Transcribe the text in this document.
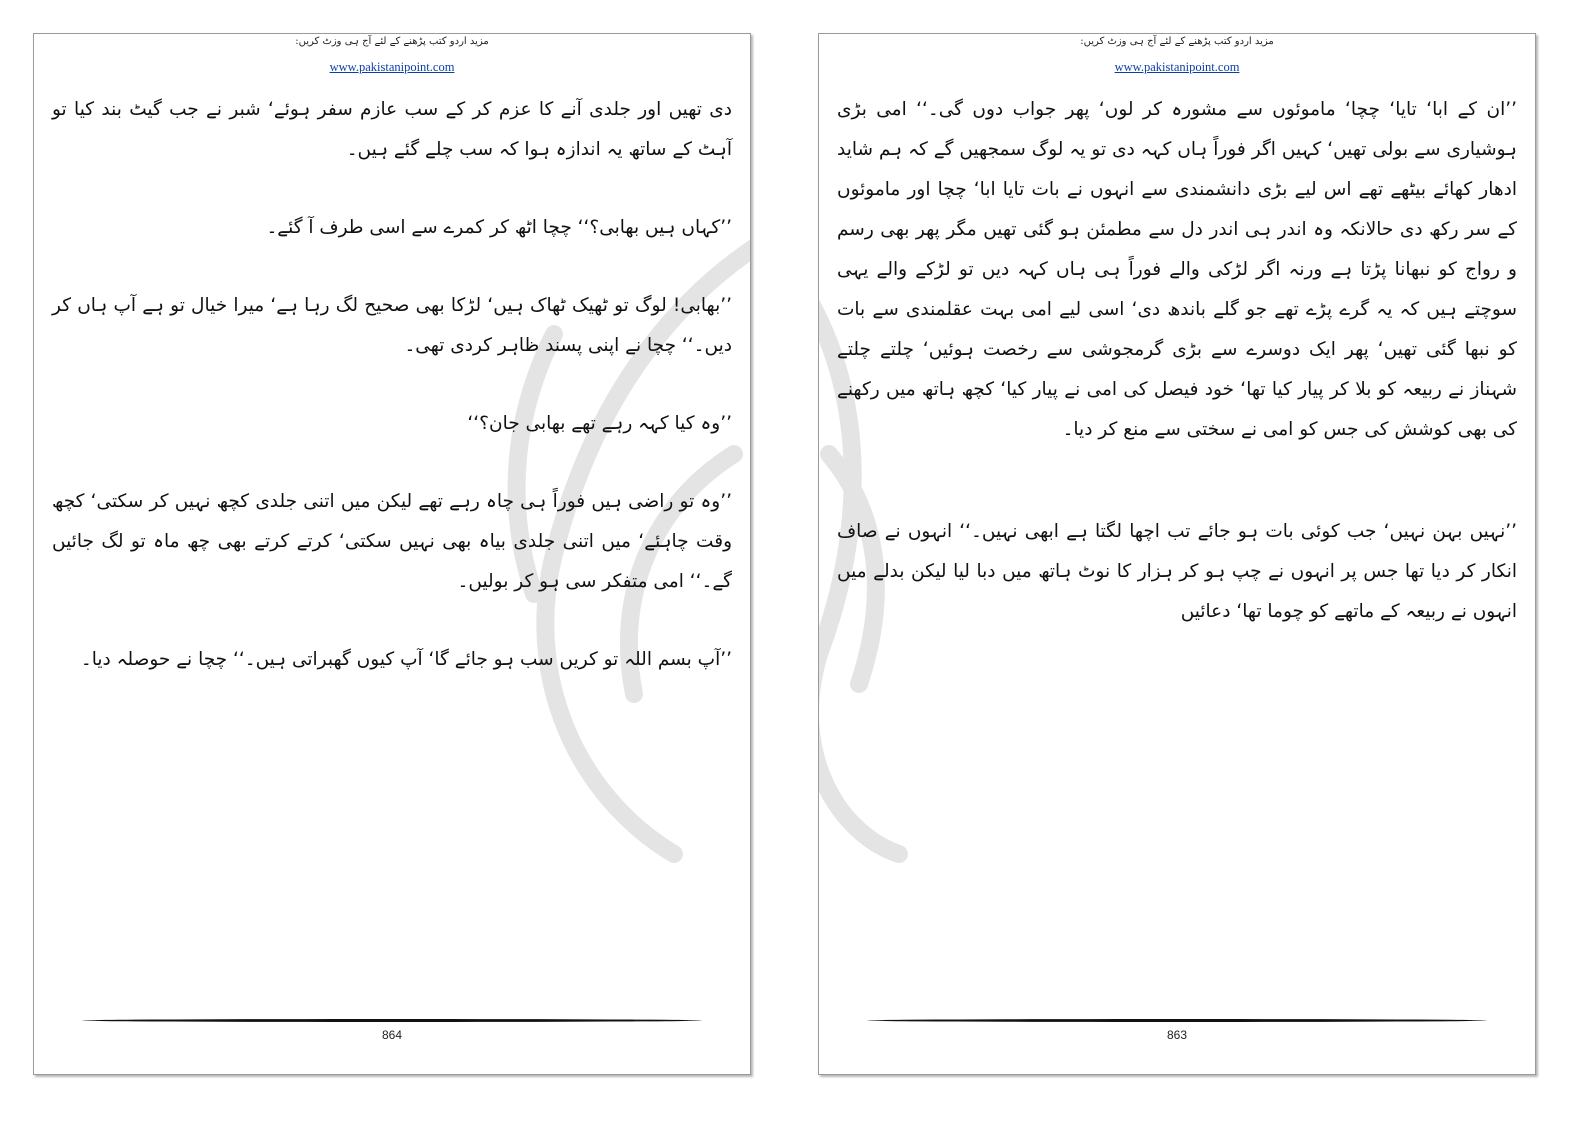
مزید اردو کتب پڑھنے کے لئے آج ہی وزٹ کریں:
www.pakistanipoint.com

دی تھیں اور جلدی آنے کا عزم کر کے سب عازم سفر ہوئے‘ شبر نے جب گیٹ بند کیا تو آہٹ کے ساتھ یہ اندازہ ہوا کہ سب چلے گئے ہیں۔

’’کہاں ہیں بھابی؟‘‘ چچا اٹھ کر کمرے سے اسی طرف آ گئے۔

’’بھابی! لوگ تو ٹھیک ٹھاک ہیں‘ لڑکا بھی صحیح لگ رہا ہے‘ میرا خیال تو ہے آپ ہاں کر دیں۔‘‘ چچا نے اپنی پسند ظاہر کردی تھی۔

’’وہ کیا کہہ رہے تھے بھابی جان؟‘‘

’’وہ تو راضی ہیں فوراً ہی چاہ رہے تھے لیکن میں اتنی جلدی کچھ نہیں کر سکتی‘ کچھ وقت چاہئے‘ میں اتنی جلدی بیاہ بھی نہیں سکتی‘ کرتے کرتے بھی چھ ماہ تو لگ جائیں گے۔‘‘ امی متفکر سی ہو کر بولیں۔

’’آپ بسم اللہ تو کریں سب ہو جائے گا‘ آپ کیوں گھبراتی ہیں۔‘‘ چچا نے حوصلہ دیا۔

864
مزید اردو کتب پڑھنے کے لئے آج ہی وزٹ کریں:
www.pakistanipoint.com

’’ان کے ابا‘ تایا‘ چچا‘ ماموئوں سے مشورہ کر لوں‘ پھر جواب دوں گی۔‘‘ امی بڑی ہوشیاری سے بولی تھیں‘ کہیں اگر فوراً ہاں کہہ دی تو یہ لوگ سمجھیں گے کہ ہم شاید ادھار کھائے بیٹھے تھے اس لیے بڑی دانشمندی سے انہوں نے بات تایا ابا‘ چچا اور ماموئوں کے سر رکھ دی حالانکہ وہ اندر ہی اندر دل سے مطمئن ہو گئی تھیں مگر پھر بھی رسم و رواج کو نبھانا پڑتا ہے ورنہ اگر لڑکی والے فوراً ہی ہاں کہہ دیں تو لڑکے والے یہی سوچتے ہیں کہ یہ گرے پڑے تھے جو گلے باندھ دی‘ اسی لیے امی بہت عقلمندی سے بات کو نبھا گئی تھیں‘ پھر ایک دوسرے سے بڑی گرمجوشی سے رخصت ہوئیں‘ چلتے چلتے شہناز نے ربیعہ کو بلا کر پیار کیا تھا‘ خود فیصل کی امی نے پیار کیا‘ کچھ ہاتھ میں رکھنے کی بھی کوشش کی جس کو امی نے سختی سے منع کر دیا۔

’’نہیں بہن نہیں‘ جب کوئی بات ہو جائے تب اچھا لگتا ہے ابھی نہیں۔‘‘ انہوں نے صاف انکار کر دیا تھا جس پر انہوں نے چپ ہو کر ہزار کا نوٹ ہاتھ میں دبا لیا لیکن بدلے میں انہوں نے ربیعہ کے ماتھے کو چوما تھا‘ دعائیں

863
